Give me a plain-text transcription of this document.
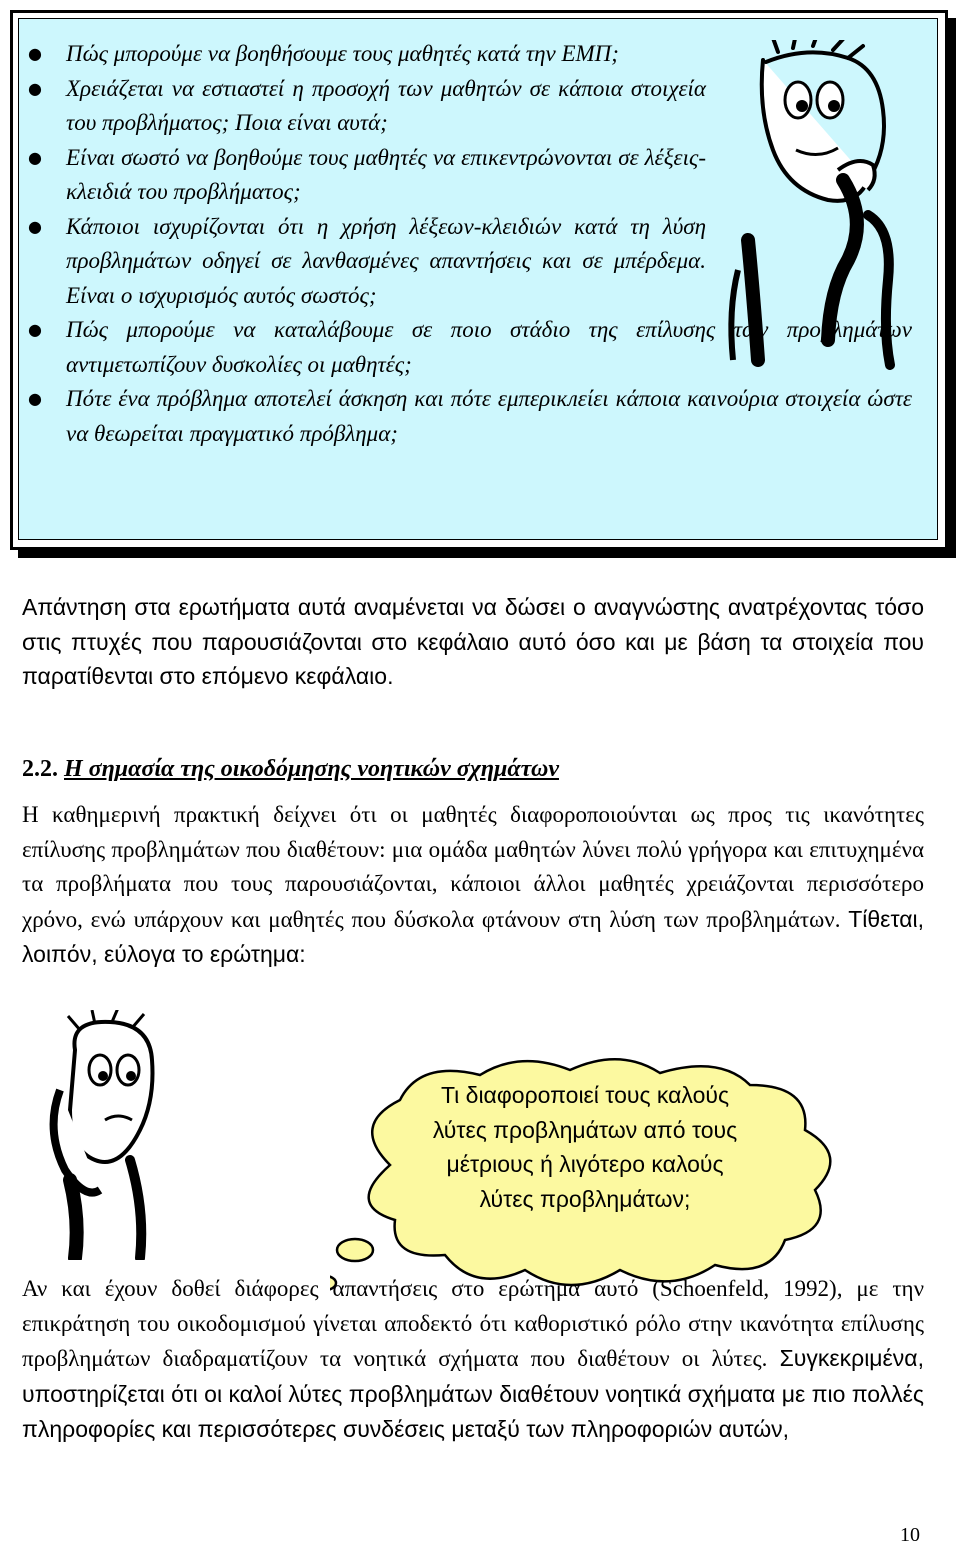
● Πώς μπορούμε να βοηθήσουμε τους μαθητές κατά την ΕΜΠ;
● Χρειάζεται να εστιαστεί η προσοχή των μαθητών σε κάποια στοιχεία του προβλήματος; Ποια είναι αυτά;
● Είναι σωστό να βοηθούμε τους μαθητές να επικεντρώνονται σε λέξεις-κλειδιά του προβλήματος;
● Κάποιοι ισχυρίζονται ότι η χρήση λέξεων-κλειδιών κατά τη λύση προβλημάτων οδηγεί σε λανθασμένες απαντήσεις και σε μπέρδεμα. Είναι ο ισχυρισμός αυτός σωστός;
● Πώς μπορούμε να καταλάβουμε σε ποιο στάδιο της επίλυσης των προβλημάτων αντιμετωπίζουν δυσκολίες οι μαθητές;
● Πότε ένα πρόβλημα αποτελεί άσκηση και πότε εμπεριклείει κάποια καινούρια στοιχεία ώστε να θεωρείται πραγματικό πρόβλημα;
Απάντηση στα ερωτήματα αυτά αναμένεται να δώσει ο αναγνώστης ανατρέχοντας τόσο στις πτυχές που παρουσιάζονται στο κεφάλαιο αυτό όσο και με βάση τα στοιχεία που παρατίθενται στο επόμενο κεφάλαιο.
2.2. Η σημασία της οικοδόμησης νοητικών σχημάτων
Η καθημερινή πρακτική δείχνει ότι οι μαθητές διαφοροποιούνται ως προς τις ικανότητες επίλυσης προβλημάτων που διαθέτουν: μια ομάδα μαθητών λύνει πολύ γρήγορα και επιτυχημένα τα προβλήματα που τους παρουσιάζονται, κάποιοι άλλοι μαθητές χρειάζονται περισσότερο χρόνο, ενώ υπάρχουν και μαθητές που δύσκολα φτάνουν στη λύση των προβλημάτων. Τίθεται, λοιπόν, εύλογα το ερώτημα:
Τι διαφοροποιεί τους καλούς
λύτες προβλημάτων από τους
μέτριους ή λιγότερο καλούς
λύτες προβλημάτων;
Αν και έχουν δοθεί διάφορες απαντήσεις στο ερώτημα αυτό (Schoenfeld, 1992), με την επικράτηση του οικοδομισμού γίνεται αποδεκτό ότι καθοριστικό ρόλο στην ικανότητα επίλυσης προβλημάτων διαδραματίζουν τα νοητικά σχήματα που διαθέτουν οι λύτες. Συγκεκριμένα, υποστηρίζεται ότι οι καλοί λύτες προβλημάτων διαθέτουν νοητικά σχήματα με πιο πολλές πληροφορίες και περισσότερες συνδέσεις μεταξύ των πληροφοριών αυτών,
10
